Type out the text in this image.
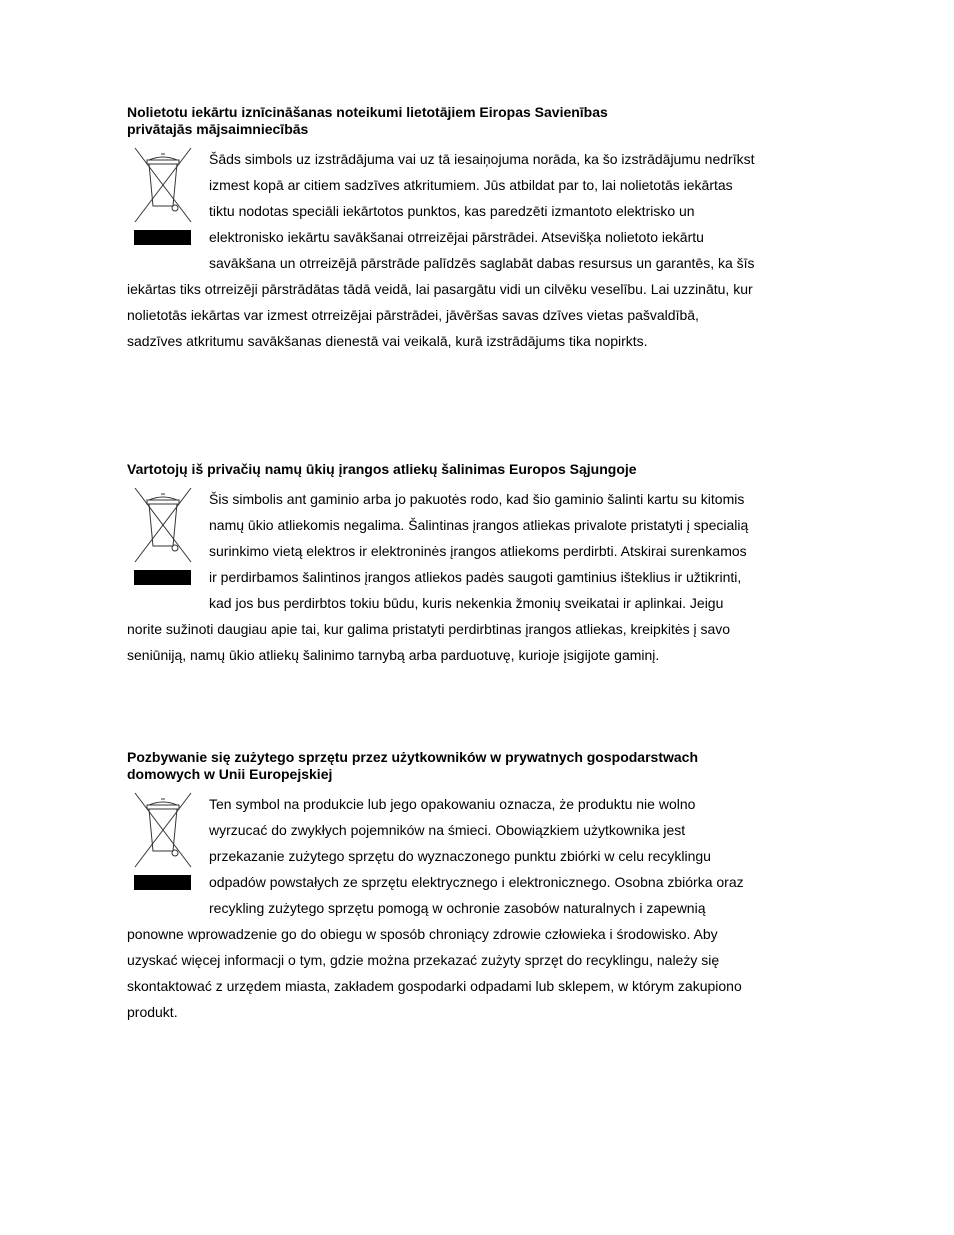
Nolietotu iekārtu iznīcināšanas noteikumi lietotājiem Eiropas Savienības
privātajās mājsaimniecībās

Šāds simbols uz izstrādājuma vai uz tā iesaiņojuma norāda, ka šo izstrādājumu nedrīkst izmest kopā ar citiem sadzīves atkritumiem. Jūs atbildat par to, lai nolietotās iekārtas tiktu nodotas speciāli iekārtotos punktos, kas paredzēti izmantoto elektrisko un elektronisko iekārtu savākšanai otrreizējai pārstrādei. Atsevišķa nolietoto iekārtu savākšana un otrreizējā pārstrāde palīdzēs saglabāt dabas resursus un garantēs, ka šīs iekārtas tiks otrreizēji pārstrādātas tādā veidā, lai pasargātu vidi un cilvēku veselību. Lai uzzinātu, kur nolietotās iekārtas var izmest otrreizējai pārstrādei, jāvēršas savas dzīves vietas pašvaldībā, sadzīves atkritumu savākšanas dienestā vai veikalā, kurā izstrādājums tika nopirkts.

Vartotojų iš privačių namų ūkių įrangos atliekų šalinimas Europos Sąjungoje

Šis simbolis ant gaminio arba jo pakuotės rodo, kad šio gaminio šalinti kartu su kitomis namų ūkio atliekomis negalima. Šalintinas įrangos atliekas privalote pristatyti į specialią surinkimo vietą elektros ir elektroninės įrangos atliekoms perdirbti. Atskirai surenkamos ir perdirbamos šalintinos įrangos atliekos padės saugoti gamtinius išteklius ir užtikrinti, kad jos bus perdirbtos tokiu būdu, kuris nekenkia žmonių sveikatai ir aplinkai. Jeigu norite sužinoti daugiau apie tai, kur galima pristatyti perdirbtinas įrangos atliekas, kreipkitės į savo seniūniją, namų ūkio atliekų šalinimo tarnybą arba parduotuvę, kurioje įsigijote gaminį.

Pozbywanie się zużytego sprzętu przez użytkowników w prywatnych gospodarstwach
domowych w Unii Europejskiej

Ten symbol na produkcie lub jego opakowaniu oznacza, że produktu nie wolno wyrzucać do zwykłych pojemników na śmieci. Obowiązkiem użytkownika jest przekazanie zużytego sprzętu do wyznaczonego punktu zbiórki w celu recyklingu odpadów powstałych ze sprzętu elektrycznego i elektronicznego. Osobna zbiórka oraz recykling zużytego sprzętu pomogą w ochronie zasobów naturalnych i zapewnią ponowne wprowadzenie go do obiegu w sposób chroniący zdrowie człowieka i środowisko. Aby uzyskać więcej informacji o tym, gdzie można przekazać zużyty sprzęt do recyklingu, należy się skontaktować z urzędem miasta, zakładem gospodarki odpadami lub sklepem, w którym zakupiono produkt.
